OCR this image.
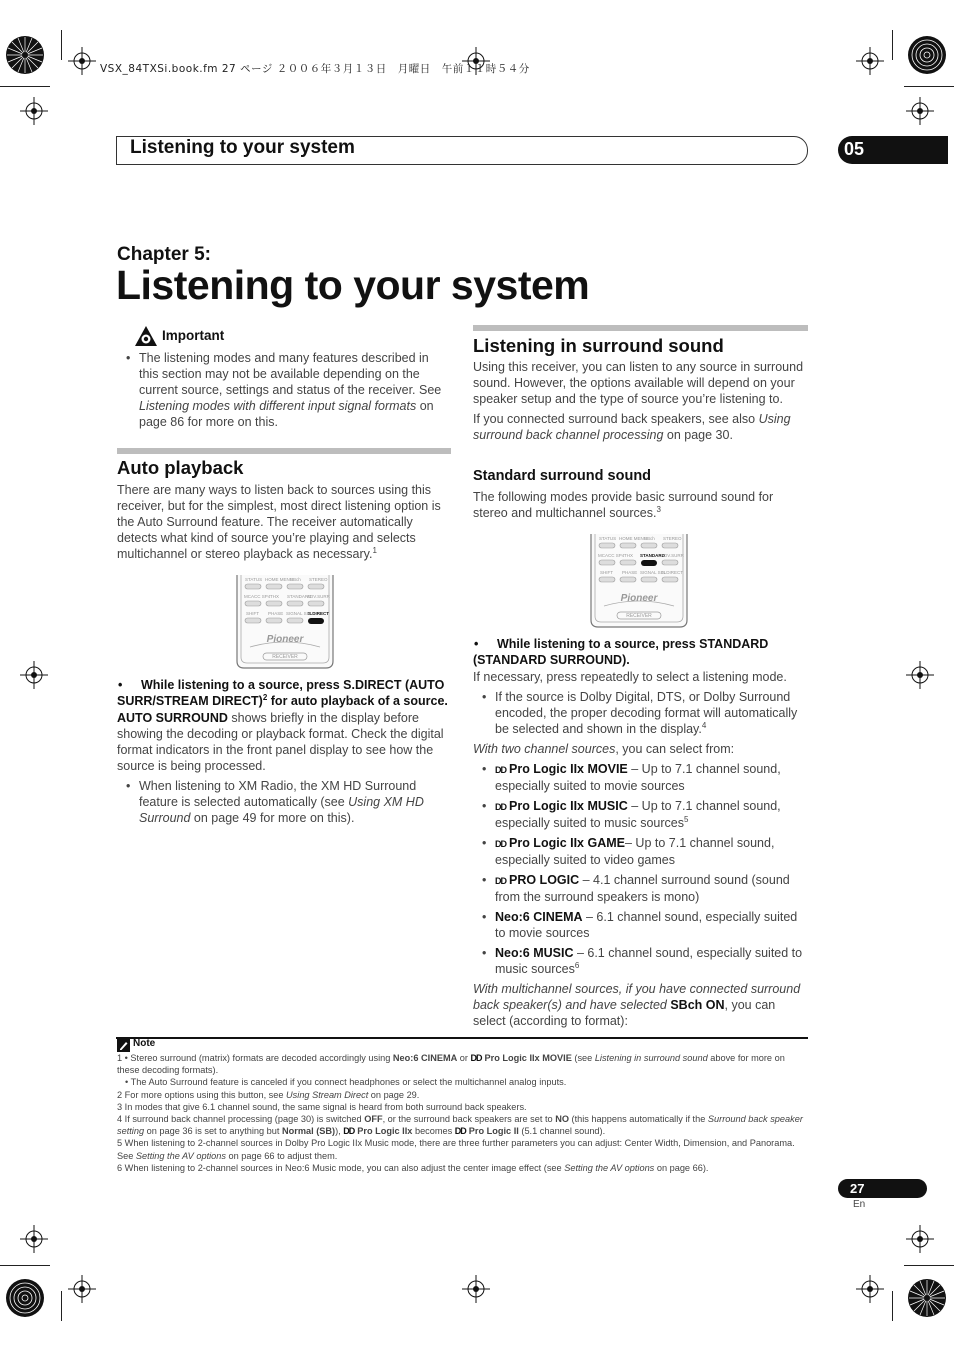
VSX_84TXSi.book.fm 27 ページ ２００６年３月１３日　月曜日　午前１１時５４分
Listening to your system	05
Chapter 5:
Listening to your system
Important
• The listening modes and many features described in this section may not be available depending on the current source, settings and status of the receiver. See Listening modes with different input signal formats on page 86 for more on this.
Auto playback
There are many ways to listen back to sources using this receiver, but for the simplest, most direct listening option is the Auto Surround feature. The receiver automatically detects what kind of source you’re playing and selects multichannel or stereo playback as necessary.$^1$
STATUS HOME MENU
SBch STEREO
MCACC SP4 THX STANDARD
ADV.SURR
SHIFT PHASE SIGNAL SEL
S.DIRECT
Pioneer
RECEIVER
• While listening to a source, press S.DIRECT (AUTO SURR/STREAM DIRECT)$^2$ for auto playback of a source.
AUTO SURROUND shows briefly in the display before showing the decoding or playback format. Check the digital format indicators in the front panel display to see how the source is being processed.
• When listening to XM Radio, the XM HD Surround feature is selected automatically (see Using XM HD Surround on page 49 for more on this).
Listening in surround sound
Using this receiver, you can listen to any source in surround sound. However, the options available will depend on your speaker setup and the type of source you’re listening to.
If you connected surround back speakers, see also Using surround back channel processing on page 30.
Standard surround sound
The following modes provide basic surround sound for stereo and multichannel sources.$^3$
STATUS HOME MENU
SBch STEREO
MCACC SP4 THX STANDARD
ADV.SURR
SHIFT PHASE SIGNAL SEL
S.DIRECT
Pioneer
RECEIVER
• While listening to a source, press STANDARD (STANDARD SURROUND).
If necessary, press repeatedly to select a listening mode.
• If the source is Dolby Digital, DTS, or Dolby Surround encoded, the proper decoding format will automatically be selected and shown in the display.$^4$
With two channel sources, you can select from:
• DD Pro Logic IIx MOVIE – Up to 7.1 channel sound, especially suited to movie sources
• DD Pro Logic IIx MUSIC – Up to 7.1 channel sound, especially suited to music sources$^5$
• DD Pro Logic IIx GAME– Up to 7.1 channel sound, especially suited to video games
• DD PRO LOGIC – 4.1 channel surround sound (sound from the surround speakers is mono)
• Neo:6 CINEMA – 6.1 channel sound, especially suited to movie sources
• Neo:6 MUSIC – 6.1 channel sound, especially suited to music sources$^6$
With multichannel sources, if you have connected surround back speaker(s) and have selected SBch ON, you can select (according to format):
Note

1 • Stereo surround (matrix) formats are decoded accordingly using Neo:6 CINEMA or DD Pro Logic IIx MOVIE (see Listening in surround sound above for more on these decoding formats).

• The Auto Surround feature is canceled if you connect headphones or select the multichannel analog inputs.

2 For more options using this button, see Using Stream Direct on page 29.

3 In modes that give 6.1 channel sound, the same signal is heard from both surround back speakers.

4 If surround back channel processing (page 30) is switched OFF, or the surround back speakers are set to NO (this happens automatically if the Surround back speaker setting on page 36 is set to anything but Normal (SB)), DD Pro Logic IIx becomes DD Pro Logic II (5.1 channel sound).

5 When listening to 2-channel sources in Dolby Pro Logic IIx Music mode, there are three further parameters you can adjust: Center Width, Dimension, and Panorama. See Setting the AV options on page 66 to adjust them.

6 When listening to 2-channel sources in Neo:6 Music mode, you can also adjust the center image effect (see Setting the AV options on page 66).

27
En
